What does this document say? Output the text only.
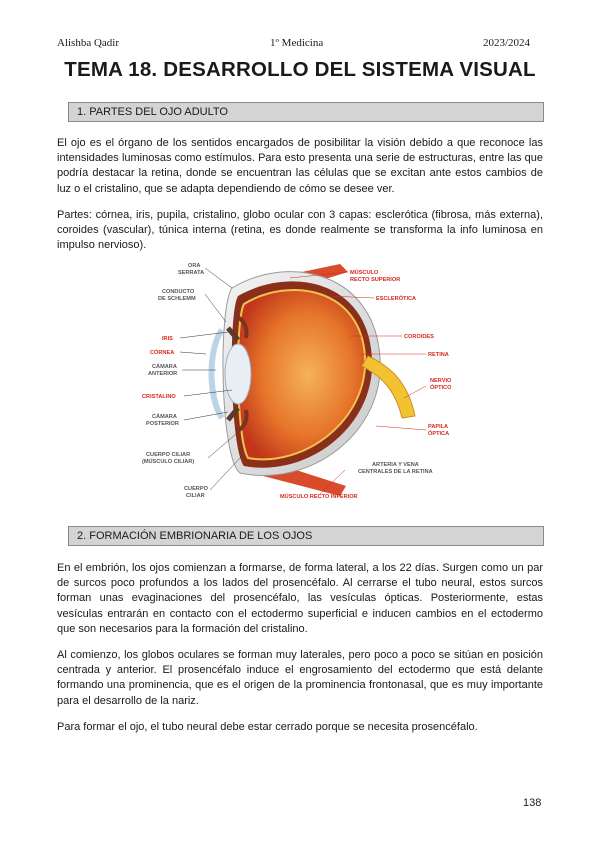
Alishba Qadir	1º Medicina	2023/2024
TEMA 18. DESARROLLO DEL SISTEMA VISUAL
1. PARTES DEL OJO ADULTO

El ojo es el órgano de los sentidos encargados de posibilitar la visión debido a que reconoce las intensidades luminosas como estímulos. Para esto presenta una serie de estructuras, entre las que podría destacar la retina, donde se encuentran las células que se excitan ante estos cambios de luz o el cristalino, que se adapta dependiendo de cómo se desee ver.

Partes: córnea, iris, pupila, cristalino, globo ocular con 3 capas: esclerótica (fibrosa, más externa), coroides (vascular), túnica interna (retina, es donde realmente se transforma la info luminosa en impulso nervioso).

ORA
SERRATA
CONDUCTO
DE SCHLEMM
IRIS
CÓRNEA
CÁMARA
ANTERIOR
CRISTALINO
CÁMARA
POSTERIOR
CUERPO CILIAR
(MÚSCULO CILIAR)
CUERPO
CILIAR
MÚSCULO
RECTO SUPERIOR
ESCLERÓTICA
COROIDES
RETINA
NERVIO
ÓPTICO
PAPILA
ÓPTICA
ARTERIA Y VENA
CENTRALES DE LA RETINA
MÚSCULO RECTO INFERIOR
2. FORMACIÓN EMBRIONARIA DE LOS OJOS

En el embrión, los ojos comienzan a formarse, de forma lateral, a los 22 días. Surgen como un par de surcos poco profundos a los lados del prosencéfalo. Al cerrarse el tubo neural, estos surcos forman unas evaginaciones del prosencéfalo, las vesículas ópticas. Posteriormente, estas vesículas entrarán en contacto con el ectodermo superficial e inducen cambios en el ectodermo que son necesarios para la formación del cristalino.

Al comienzo, los globos oculares se forman muy laterales, pero poco a poco se sitúan en posición centrada y anterior. El prosencéfalo induce el engrosamiento del ectodermo que está delante formando una prominencia, que es el origen de la prominencia frontonasal, que es muy importante para el desarrollo de la nariz.

Para formar el ojo, el tubo neural debe estar cerrado porque se necesita prosencéfalo.

138
